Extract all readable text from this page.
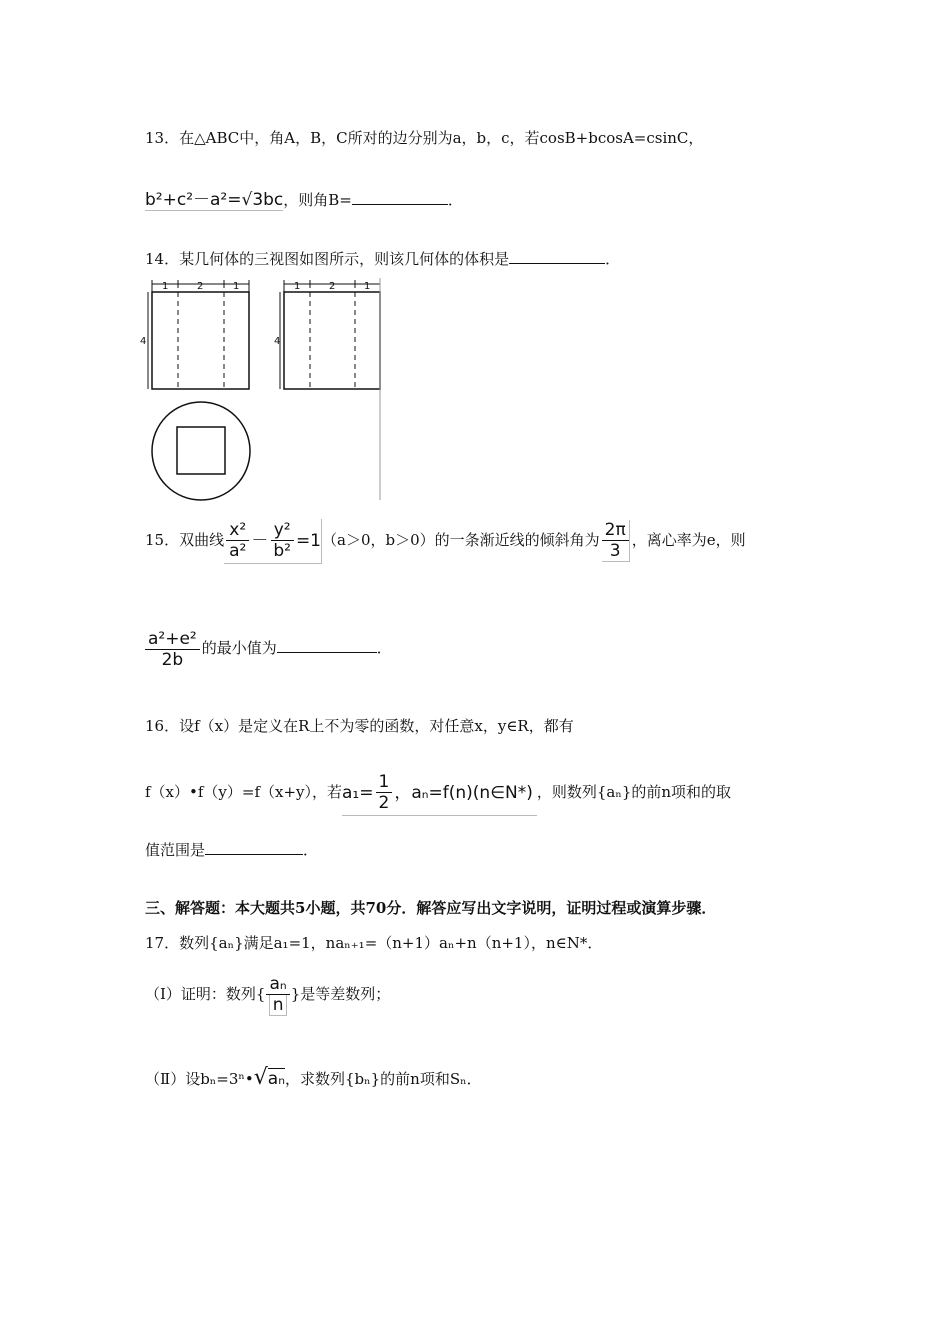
13．在△ABC中，角A，B，C所对的边分别为a，b，c，若cosB+bcosA=csinC，
b²+c²－a²=√3bc，则角B=	．
14．某几何体的三视图如图所示，则该几何体的体积是	．
1	2	1
4
1	2	1
4
15．双曲线 $\frac{\text{x²}}{\text{a²}} - \frac{\text{y²}}{\text{b²}} =1$ （a＞0，b＞0）的一条渐近线的倾斜角为 $\frac{2\pi}{3}$ ，离心率为e，则
$\frac{\text{a²+e²}}{2b}$ 的最小值为	．
16．设f（x）是定义在R上不为零的函数，对任意x，y∈R，都有
f（x）•f（y）=f（x+y），若 $a_1= \frac{1}{2}$ ，aₙ=f(n)(n∈N*) ，则数列{aₙ}的前n项和的取
值范围是	．
三、解答题：本大题共5小题，共70分．解答应写出文字说明，证明过程或演算步骤．
17．数列{aₙ}满足a₁=1，naₙ₊₁=（n+1）aₙ+n（n+1），n∈N*．
（Ⅰ）证明：数列{ $\frac{\text{aₙ}}{n}$ }是等差数列；
（Ⅱ）设bₙ=3ⁿ•√aₙ，求数列{bₙ}的前n项和Sₙ．
